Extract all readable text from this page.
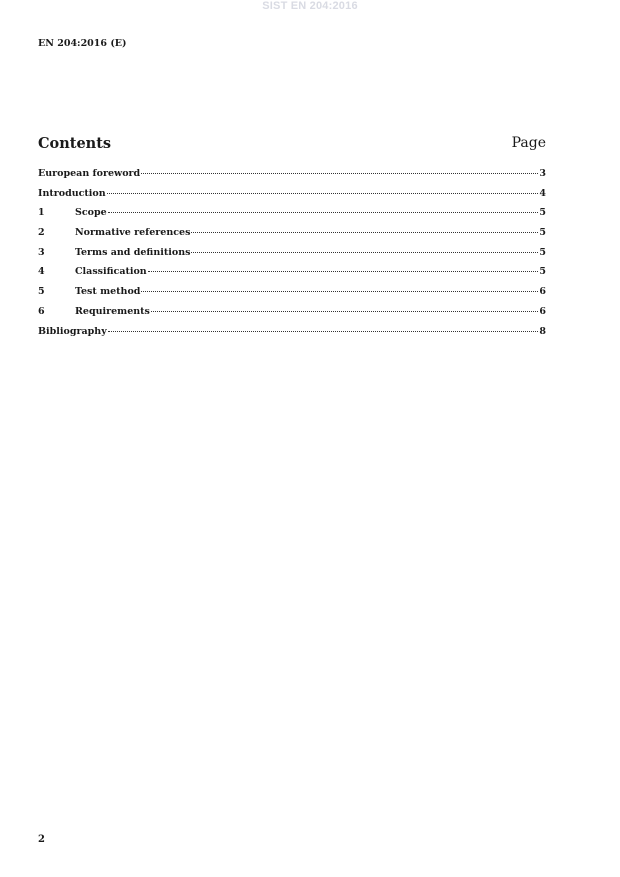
SIST EN 204:2016
EN 204:2016 (E)
Contents	Page
European foreword	3
Introduction	4
1	Scope	5
2	Normative references	5
3	Terms and definitions	5
4	Classification	5
5	Test method	6
6	Requirements	6
Bibliography	8
2
